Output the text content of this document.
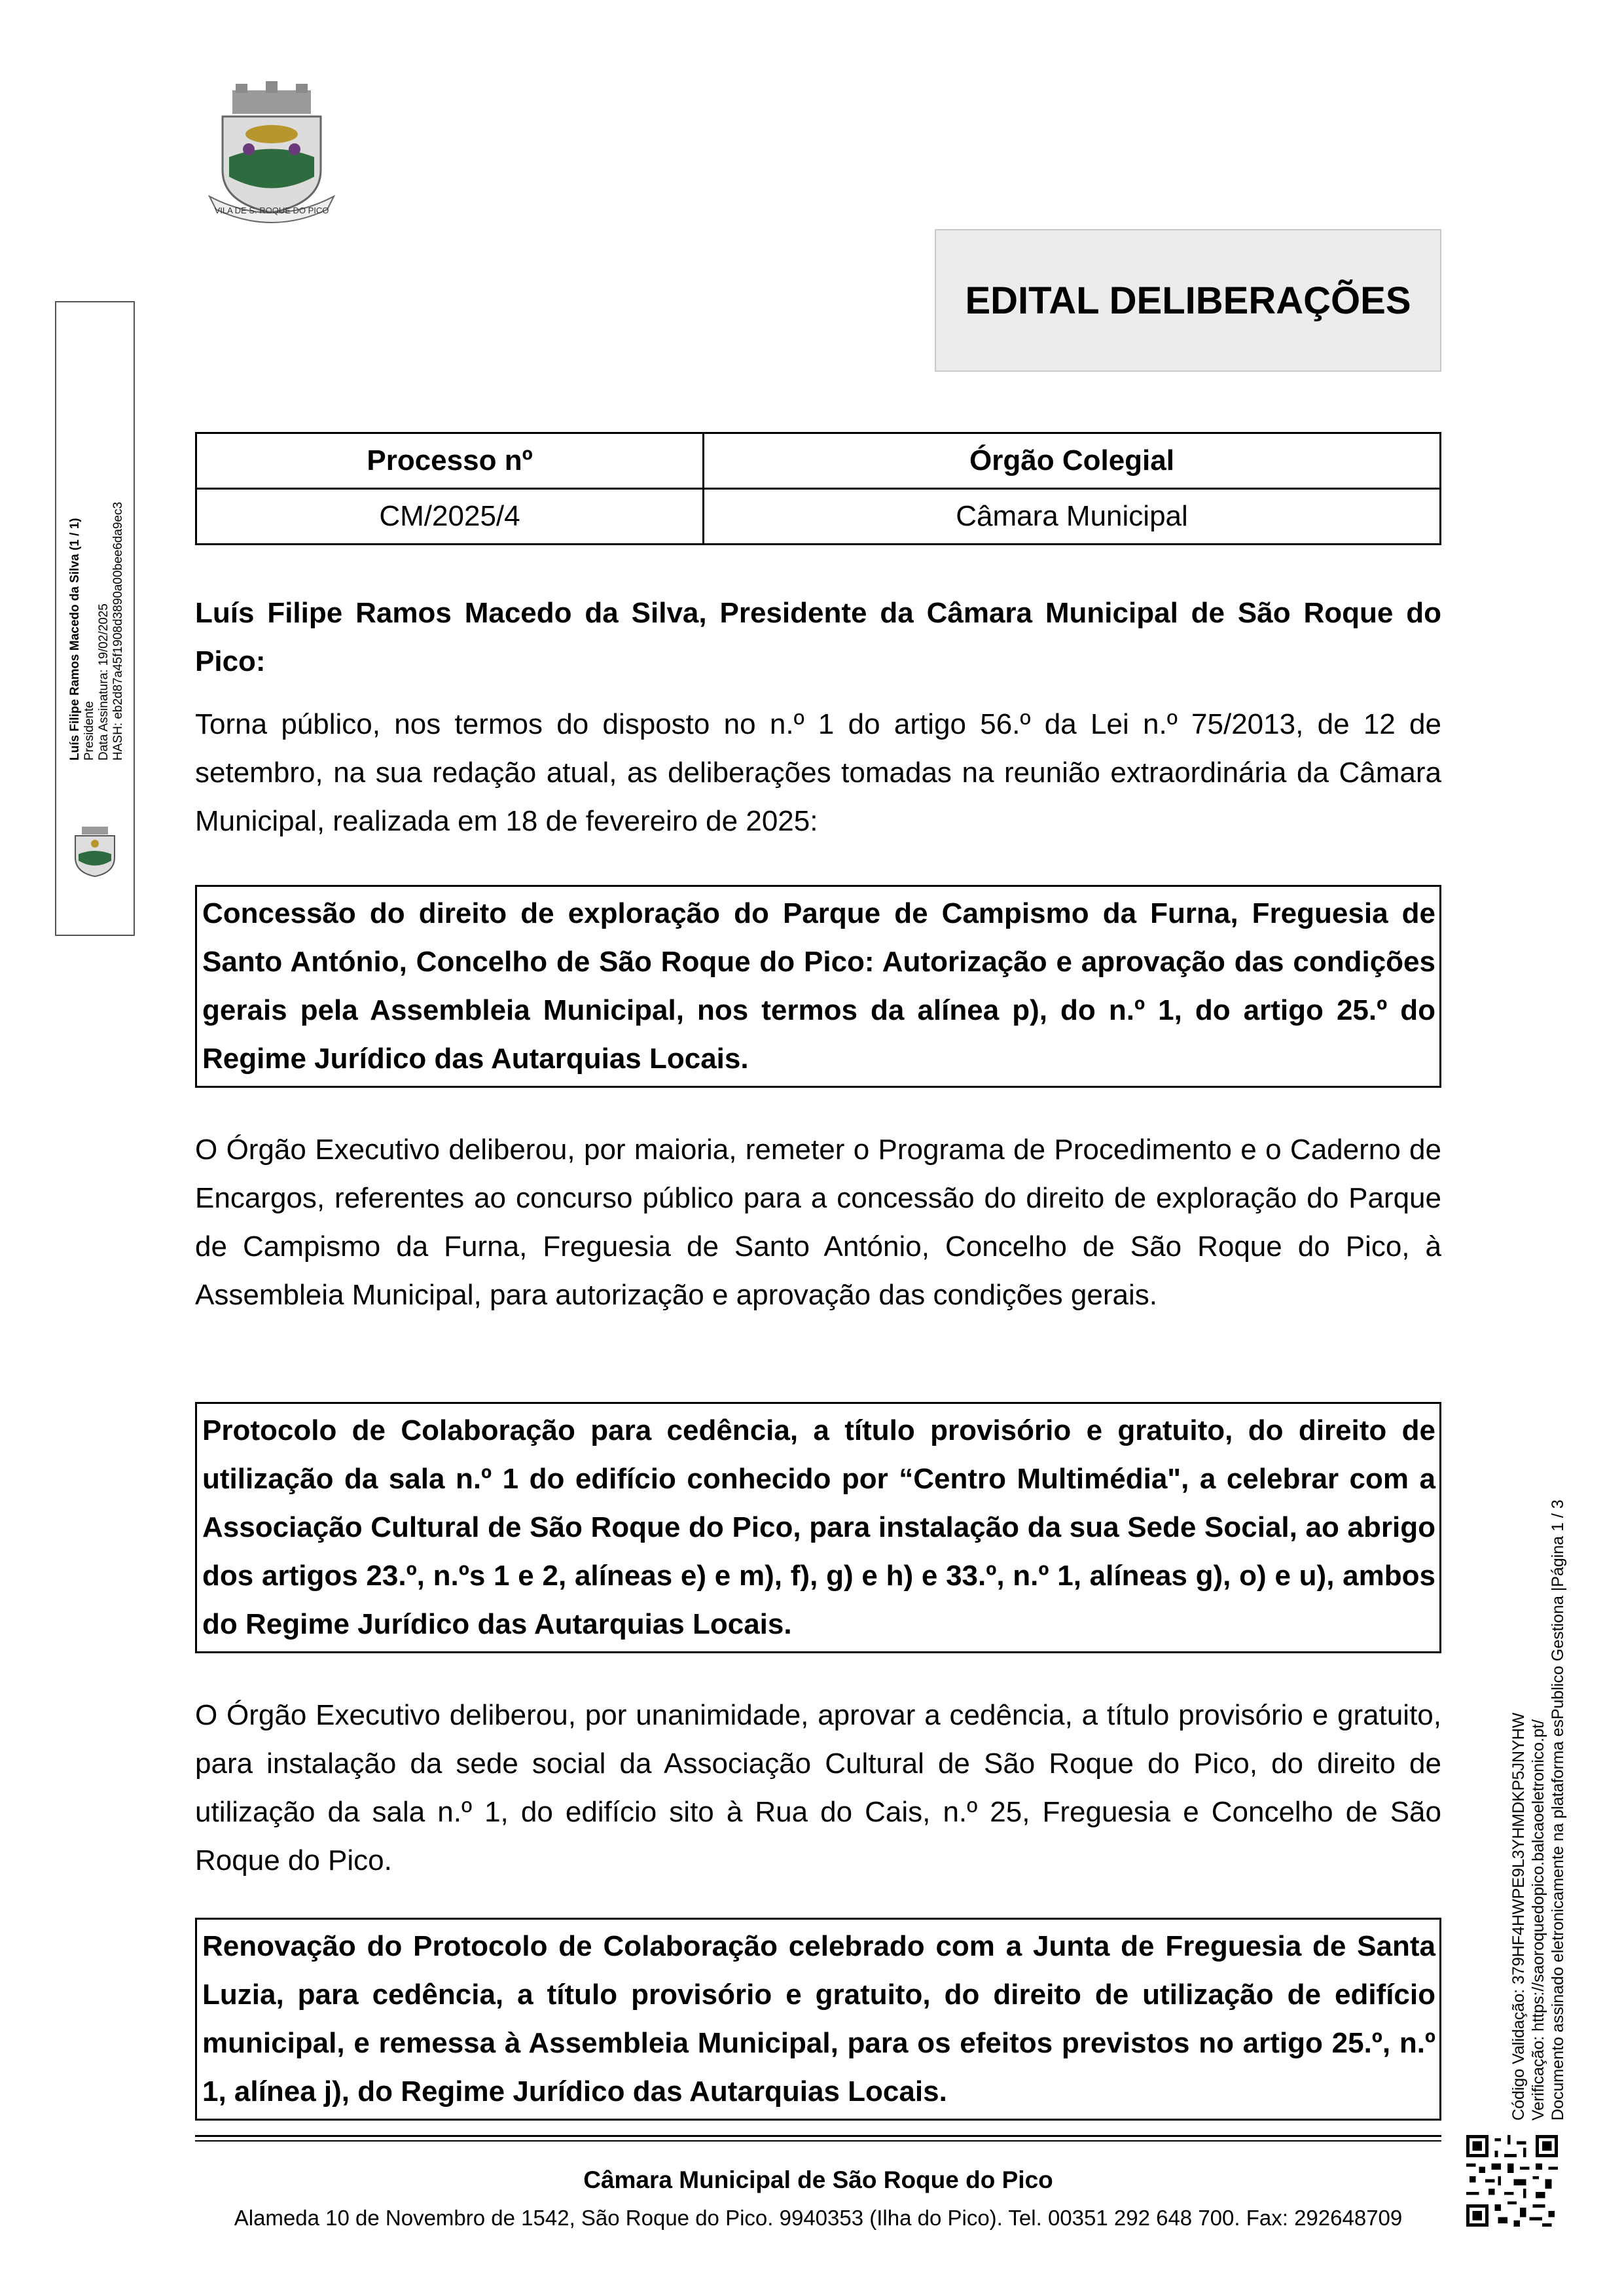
VILA DE S. ROQUE DO PICO
EDITAL DELIBERAÇÕES
Processo nº	Órgão Colegial
CM/2025/4	Câmara Municipal

Luís Filipe Ramos Macedo da Silva, Presidente da Câmara Municipal de São Roque do Pico:

Torna público, nos termos do disposto no n.º 1 do artigo 56.º da Lei n.º 75/2013, de 12 de setembro, na sua redação atual, as deliberações tomadas na reunião extraordinária da Câmara Municipal, realizada em 18 de fevereiro de 2025:

Concessão do direito de exploração do Parque de Campismo da Furna, Freguesia de Santo António, Concelho de São Roque do Pico: Autorização e aprovação das condições gerais pela Assembleia Municipal, nos termos da alínea p), do n.º 1, do artigo 25.º do Regime Jurídico das Autarquias Locais.

O Órgão Executivo deliberou, por maioria, remeter o Programa de Procedimento e o Caderno de Encargos, referentes ao concurso público para a concessão do direito de exploração do Parque de Campismo da Furna, Freguesia de Santo António, Concelho de São Roque do Pico, à Assembleia Municipal, para autorização e aprovação das condições gerais.

Protocolo de Colaboração para cedência, a título provisório e gratuito, do direito de utilização da sala n.º 1 do edifício conhecido por “Centro Multimédia", a celebrar com a Associação Cultural de São Roque do Pico, para instalação da sua Sede Social, ao abrigo dos artigos 23.º, n.ºs 1 e 2, alíneas e) e m), f), g) e h) e 33.º, n.º 1, alíneas g), o) e u), ambos do Regime Jurídico das Autarquias Locais.

O Órgão Executivo deliberou, por unanimidade, aprovar a cedência, a título provisório e gratuito, para instalação da sede social da Associação Cultural de São Roque do Pico, do direito de utilização da sala n.º 1, do edifício sito à Rua do Cais, n.º 25, Freguesia e Concelho de São Roque do Pico.

Renovação do Protocolo de Colaboração celebrado com a Junta de Freguesia de Santa Luzia, para cedência, a título provisório e gratuito, do direito de utilização de edifício municipal, e remessa à Assembleia Municipal, para os efeitos previstos no artigo 25.º, n.º 1, alínea j), do Regime Jurídico das Autarquias Locais.
Câmara Municipal de São Roque do Pico
Alameda 10 de Novembro de 1542, São Roque do Pico. 9940353 (Ilha do Pico). Tel. 00351 292 648 700. Fax: 292648709
Luís Filipe Ramos Macedo da Silva (1 / 1) Presidente Data Assinatura: 19/02/2025 HASH: eb2d87a45f1908d3890a00bee6da9ec3
Código Validação: 379HF4HWPE9L3YHMDKP5JNYHW Verificação: https://saoroquedopico.balcaoeletronico.pt/ Documento assinado eletronicamente na plataforma esPublico Gestiona |Página 1 / 3
